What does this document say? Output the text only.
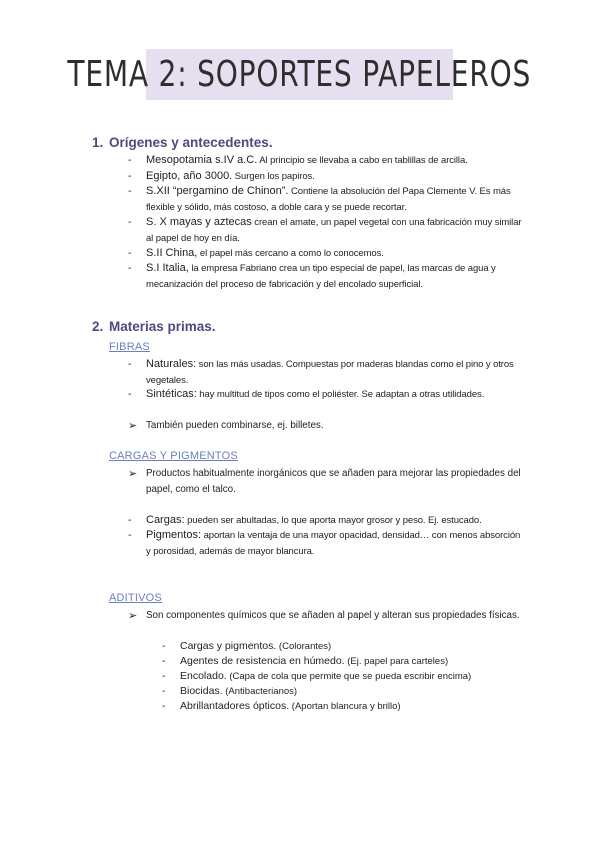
TEMA 2: SOPORTES PAPELEROS
1. Orígenes y antecedentes.
- Mesopotamia s.IV a.C. Al principio se llevaba a cabo en tablillas de arcilla.
- Egipto, año 3000. Surgen los papiros.
- S.XII “pergamino de Chinon”. Contiene la absolución del Papa Clemente V. Es más flexible y sólido, más costoso, a doble cara y se puede recortar.
- S. X mayas y aztecas crean el amate, un papel vegetal con una fabricación muy similar al papel de hoy en día.
- S.II China, el papel más cercano a como lo conocemos.
- S.I Italia, la empresa Fabriano crea un tipo especial de papel, las marcas de agua y mecanización del proceso de fabricación y del encolado superficial.
2. Materias primas.
FIBRAS
- Naturales: son las más usadas. Compuestas por maderas blandas como el pino y otros vegetales.
- Sintéticas: hay multitud de tipos como el poliéster. Se adaptan a otras utilidades.
➢ También pueden combinarse, ej. billetes.
CARGAS Y PIGMENTOS
➢ Productos habitualmente inorgánicos que se añaden para mejorar las propiedades del papel, como el talco.
- Cargas: pueden ser abultadas, lo que aporta mayor grosor y peso. Ej. estucado.
- Pigmentos: aportan la ventaja de una mayor opacidad, densidad… con menos absorción y porosidad, además de mayor blancura.
ADITIVOS
➢ Son componentes químicos que se añaden al papel y alteran sus propiedades físicas.
- Cargas y pigmentos. (Colorantes)
- Agentes de resistencia en húmedo. (Ej. papel para carteles)
- Encolado. (Capa de cola que permite que se pueda escribir encima)
- Biocidas. (Antibacterianos)
- Abrillantadores ópticos. (Aportan blancura y brillo)
